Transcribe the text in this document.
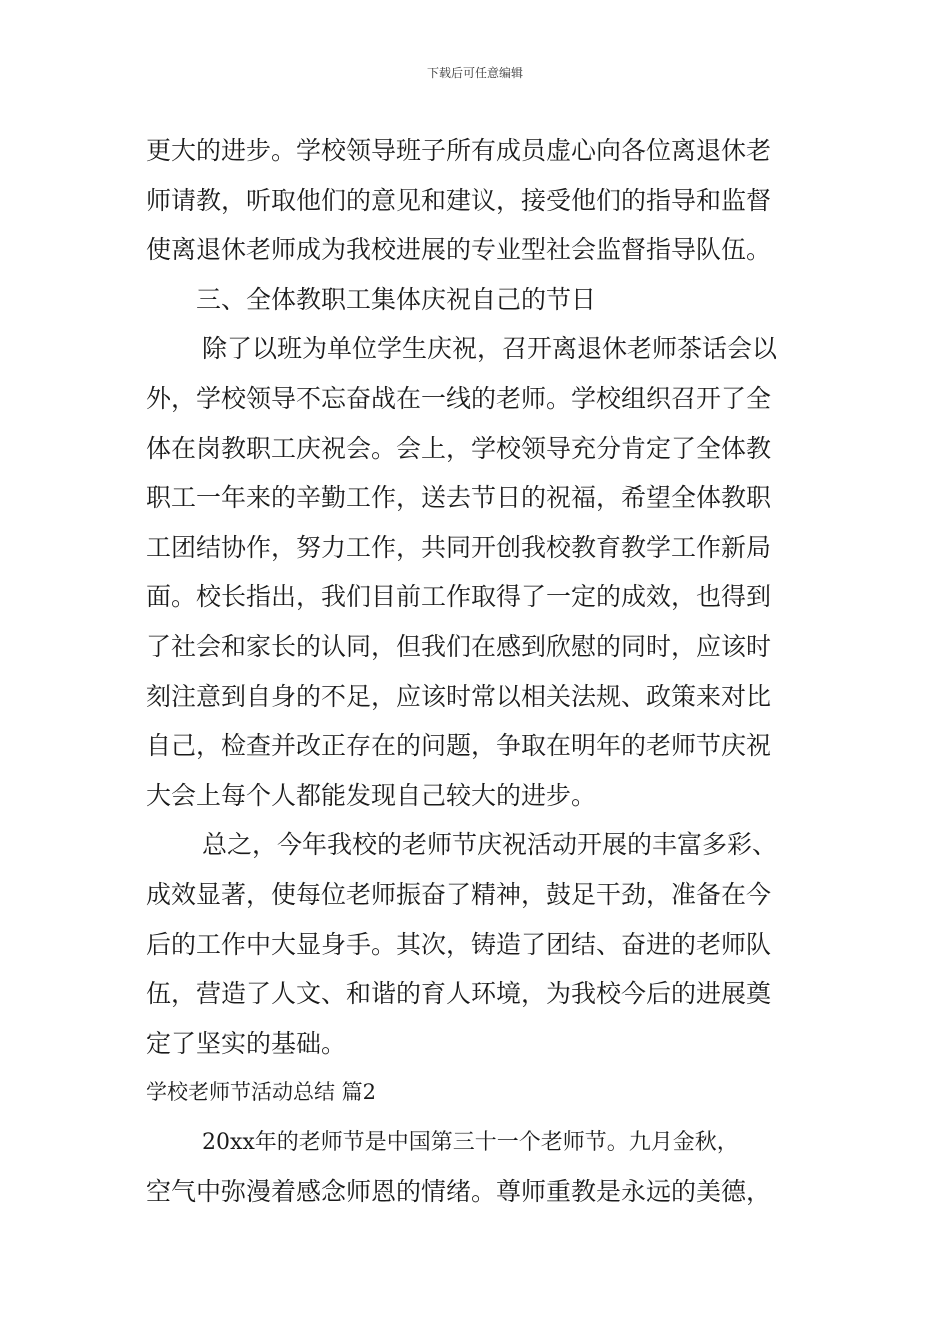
下载后可任意编辑
更大的进步。学校领导班子所有成员虚心向各位离退休老
师请教，听取他们的意见和建议，接受他们的指导和监督
使离退休老师成为我校进展的专业型社会监督指导队伍。
三、全体教职工集体庆祝自己的节日
除了以班为单位学生庆祝，召开离退休老师茶话会以
外，学校领导不忘奋战在一线的老师。学校组织召开了全
体在岗教职工庆祝会。会上，学校领导充分肯定了全体教
职工一年来的辛勤工作，送去节日的祝福，希望全体教职
工团结协作，努力工作，共同开创我校教育教学工作新局
面。校长指出，我们目前工作取得了一定的成效，也得到
了社会和家长的认同，但我们在感到欣慰的同时，应该时
刻注意到自身的不足，应该时常以相关法规、政策来对比
自己，检查并改正存在的问题，争取在明年的老师节庆祝
大会上每个人都能发现自己较大的进步。
总之，今年我校的老师节庆祝活动开展的丰富多彩、
成效显著，使每位老师振奋了精神，鼓足干劲，准备在今
后的工作中大显身手。其次，铸造了团结、奋进的老师队
伍，营造了人文、和谐的育人环境，为我校今后的进展奠
定了坚实的基础。
学校老师节活动总结 篇2
20xx年的老师节是中国第三十一个老师节。九月金秋，
空气中弥漫着感念师恩的情绪。尊师重教是永远的美德，
